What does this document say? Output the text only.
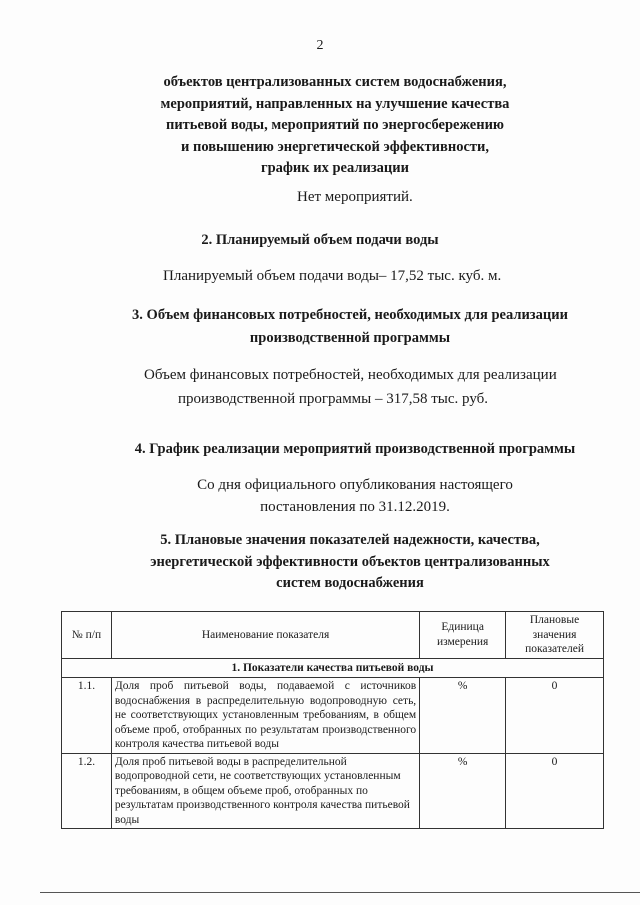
2
объектов централизованных систем водоснабжения,
мероприятий, направленных на улучшение качества
питьевой воды, мероприятий по энергосбережению
и повышению энергетической эффективности,
график их реализации
Нет мероприятий.
2. Планируемый объем подачи воды
Планируемый объем подачи воды– 17,52 тыс. куб. м.
3. Объем финансовых потребностей, необходимых для реализации
производственной программы
Объем финансовых потребностей, необходимых для реализации
производственной программы – 317,58 тыс. руб.
4. График реализации мероприятий производственной программы
Со дня официального опубликования настоящего
постановления по 31.12.2019.
5. Плановые значения показателей надежности, качества,
энергетической эффективности объектов централизованных
систем водоснабжения
№ п/п	Наименование показателя	Единица измерения	Плановые значения показателей
1. Показатели качества питьевой воды			
1.1.	Доля проб питьевой воды, подаваемой с источников водоснабжения в распределительную водопроводную сеть, не соответствующих установленным требованиям, в общем объеме проб, отобранных по результатам производственного контроля качества питьевой воды	%	0
1.2.	Доля проб питьевой воды в распределительной водопроводной сети, не соответствующих установленным требованиям, в общем объеме проб, отобранных по результатам производственного контроля качества питьевой воды	%	0
